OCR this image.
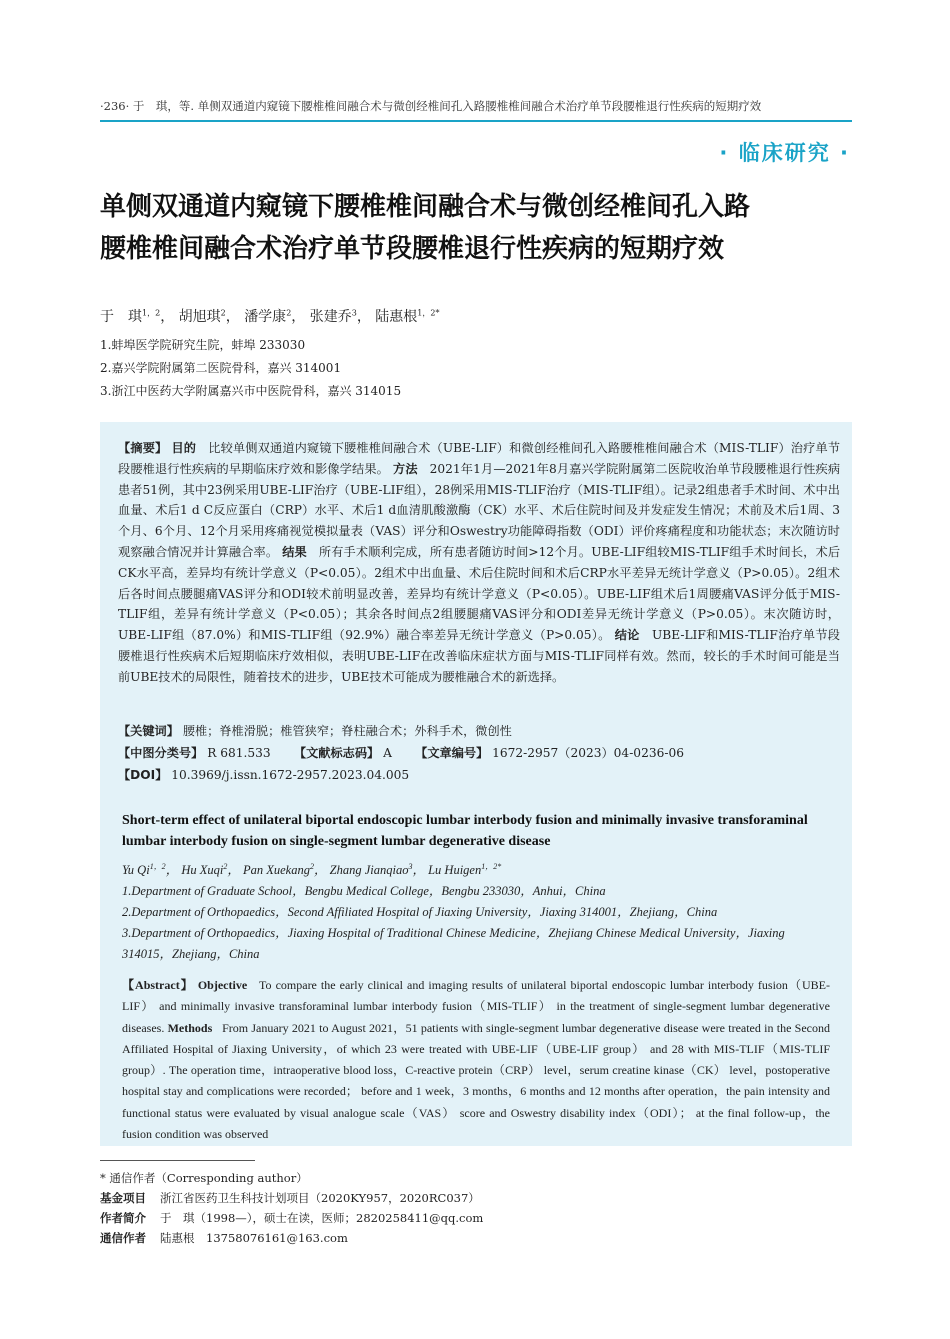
·236· 于　琪，等. 单侧双通道内窥镜下腰椎椎间融合术与微创经椎间孔入路腰椎椎间融合术治疗单节段腰椎退行性疾病的短期疗效
· 临床研究 ·
单侧双通道内窥镜下腰椎椎间融合术与微创经椎间孔入路
腰椎椎间融合术治疗单节段腰椎退行性疾病的短期疗效
于　琪$^{1,2}$， 胡旭琪$^2$， 潘学康$^2$， 张建乔$^3$， 陆惠根$^{1,2*}$
1.蚌埠医学院研究生院，蚌埠 233030
2.嘉兴学院附属第二医院骨科，嘉兴 314001
3.浙江中医药大学附属嘉兴市中医院骨科，嘉兴 314015
【摘要】 目的 比较单侧双通道内窥镜下腰椎椎间融合术（UBE-LIF）和微创经椎间孔入路腰椎椎间融合术（MIS-TLIF）治疗单节段腰椎退行性疾病的早期临床疗效和影像学结果。 方法 2021年1月—2021年8月嘉兴学院附属第二医院收治单节段腰椎退行性疾病患者51例，其中23例采用UBE-LIF治疗（UBE-LIF组），28例采用MIS-TLIF治疗（MIS-TLIF组）。记录2组患者手术时间、术中出血量、术后1 d C反应蛋白（CRP）水平、术后1 d血清肌酸激酶（CK）水平、术后住院时间及并发症发生情况；术前及术后1周、3个月、6个月、12个月采用疼痛视觉模拟量表（VAS）评分和Oswestry功能障碍指数（ODI）评价疼痛程度和功能状态；末次随访时观察融合情况并计算融合率。 结果 所有手术顺利完成，所有患者随访时间>12个月。UBE-LIF组较MIS-TLIF组手术时间长，术后CK水平高，差异均有统计学意义（P<0.05）。2组术中出血量、术后住院时间和术后CRP水平差异无统计学意义（P>0.05）。2组术后各时间点腰腿痛VAS评分和ODI较术前明显改善，差异均有统计学意义（P<0.05）。UBE-LIF组术后1周腰痛VAS评分低于MIS-TLIF组，差异有统计学意义（P<0.05）；其余各时间点2组腰腿痛VAS评分和ODI差异无统计学意义（P>0.05）。末次随访时，UBE-LIF组（87.0%）和MIS-TLIF组（92.9%）融合率差异无统计学意义（P>0.05）。 结论 UBE-LIF和MIS-TLIF治疗单节段腰椎退行性疾病术后短期临床疗效相似，表明UBE-LIF在改善临床症状方面与MIS-TLIF同样有效。然而，较长的手术时间可能是当前UBE技术的局限性，随着技术的进步，UBE技术可能成为腰椎融合术的新选择。
【关键词】 腰椎；脊椎滑脱；椎管狭窄；脊柱融合术；外科手术，微创性
【中图分类号】 R 681.533 【文献标志码】 A 【文章编号】 1672-2957（2023）04-0236-06
【DOI】 10.3969/j.issn.1672-2957.2023.04.005
Short-term effect of unilateral biportal endoscopic lumbar interbody fusion and minimally invasive transforaminal lumbar interbody fusion on single-segment lumbar degenerative disease
Yu $Qi^{1,2}$， Hu Xuqi$^2$， Pan Xuekang$^2$， Zhang Jianqiao$^3$， Lu Huigen$^{1,2*}$
1.Department of Graduate School，Bengbu Medical College，Bengbu 233030，Anhui，China
2.Department of Orthopaedics，Second Affiliated Hospital of Jiaxing University，Jiaxing 314001，Zhejiang，China
3.Department of Orthopaedics，Jiaxing Hospital of Traditional Chinese Medicine，Zhejiang Chinese Medical University，Jiaxing 314015，Zhejiang，China
【Abstract】 Objective To compare the early clinical and imaging results of unilateral biportal endoscopic lumbar interbody fusion（UBE-LIF） and minimally invasive transforaminal lumbar interbody fusion（MIS-TLIF） in the treatment of single-segment lumbar degenerative diseases. Methods From January 2021 to August 2021，51 patients with single-segment lumbar degenerative disease were treated in the Second Affiliated Hospital of Jiaxing University，of which 23 were treated with UBE-LIF（UBE-LIF group） and 28 with MIS-TLIF（MIS-TLIF group）. The operation time，intraoperative blood loss，C-reactive protein（CRP） level，serum creatine kinase（CK） level，postoperative hospital stay and complications were recorded； before and 1 week，3 months，6 months and 12 months after operation，the pain intensity and functional status were evaluated by visual analogue scale（VAS） score and Oswestry disability index（ODI）； at the final follow-up，the fusion condition was observed
* 通信作者（Corresponding author）
基金项目 浙江省医药卫生科技计划项目（2020KY957，2020RC037）
作者简介 于　琪（1998—），硕士在读，医师；2820258411@qq.com
通信作者 陆惠根　13758076161@163.com
